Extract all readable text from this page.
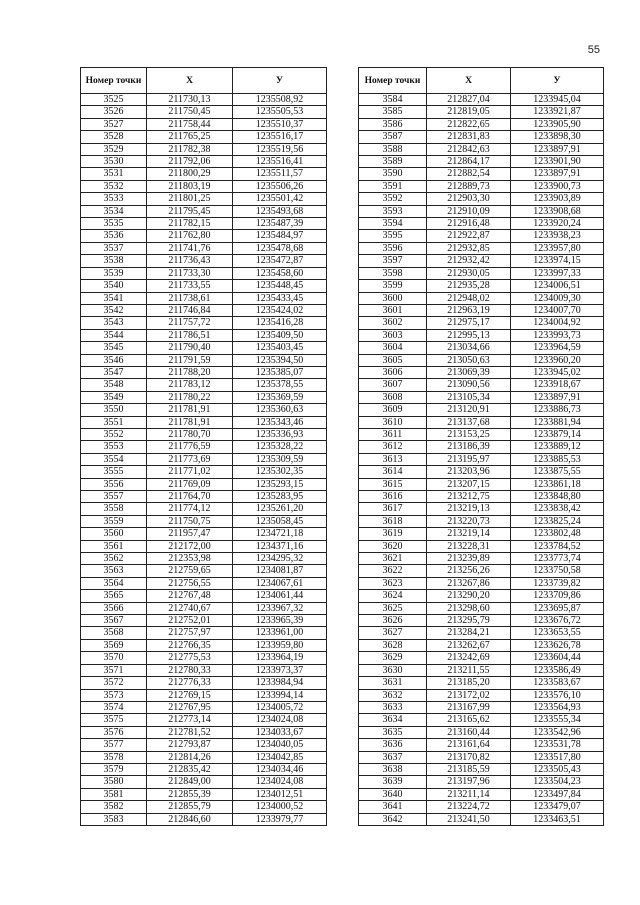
55
Номер точки	X	У
3525	211730,13	1235508,92
3526	211750,45	1235505,53
3527	211758,44	1235510,37
3528	211765,25	1235516,17
3529	211782,38	1235519,56
3530	211792,06	1235516,41
3531	211800,29	1235511,57
3532	211803,19	1235506,26
3533	211801,25	1235501,42
3534	211795,45	1235493,68
3535	211782,15	1235487,39
3536	211762,80	1235484,97
3537	211741,76	1235478,68
3538	211736,43	1235472,87
3539	211733,30	1235458,60
3540	211733,55	1235448,45
3541	211738,61	1235433,45
3542	211746,84	1235424,02
3543	211757,72	1235416,28
3544	211786,51	1235409,50
3545	211790,40	1235403,45
3546	211791,59	1235394,50
3547	211788,20	1235385,07
3548	211783,12	1235378,55
3549	211780,22	1235369,59
3550	211781,91	1235360,63
3551	211781,91	1235343,46
3552	211780,70	1235336,93
3553	211776,59	1235328,22
3554	211773,69	1235309,59
3555	211771,02	1235302,35
3556	211769,09	1235293,15
3557	211764,70	1235283,95
3558	211774,12	1235261,20
3559	211750,75	1235058,45
3560	211957,47	1234721,18
3561	212172,00	1234371,16
3562	212353,98	1234295,32
3563	212759,65	1234081,87
3564	212756,55	1234067,61
3565	212767,48	1234061,44
3566	212740,67	1233967,32
3567	212752,01	1233965,39
3568	212757,97	1233961,00
3569	212766,35	1233959,80
3570	212775,53	1233964,19
3571	212780,33	1233973,37
3572	212776,33	1233984,94
3573	212769,15	1233994,14
3574	212767,95	1234005,72
3575	212773,14	1234024,08
3576	212781,52	1234033,67
3577	212793,87	1234040,05
3578	212814,26	1234042,85
3579	212835,42	1234034,46
3580	212849,00	1234024,08
3581	212855,39	1234012,51
3582	212855,79	1234000,52
3583	212846,60	1233979,77
Номер точки	X	У
3584	212827,04	1233945,04
3585	212819,05	1233921,87
3586	212822,65	1233905,90
3587	212831,83	1233898,30
3588	212842,63	1233897,91
3589	212864,17	1233901,90
3590	212882,54	1233897,91
3591	212889,73	1233900,73
3592	212903,30	1233903,89
3593	212910,09	1233908,68
3594	212916,48	1233920,24
3595	212922,87	1233938,23
3596	212932,85	1233957,80
3597	212932,42	1233974,15
3598	212930,05	1233997,33
3599	212935,28	1234006,51
3600	212948,02	1234009,30
3601	212963,19	1234007,70
3602	212975,17	1234004,92
3603	212995,13	1233993,73
3604	213034,66	1233964,59
3605	213050,63	1233960,20
3606	213069,39	1233945,02
3607	213090,56	1233918,67
3608	213105,34	1233897,91
3609	213120,91	1233886,73
3610	213137,68	1233881,94
3611	213153,25	1233879,14
3612	213186,39	1233889,12
3613	213195,97	1233885,53
3614	213203,96	1233875,55
3615	213207,15	1233861,18
3616	213212,75	1233848,80
3617	213219,13	1233838,42
3618	213220,73	1233825,24
3619	213219,14	1233802,48
3620	213228,31	1233784,52
3621	213239,89	1233773,74
3622	213256,26	1233750,58
3623	213267,86	1233739,82
3624	213290,20	1233709,86
3625	213298,60	1233695,87
3626	213295,79	1233676,72
3627	213284,21	1233653,55
3628	213262,67	1233626,78
3629	213242,69	1233604,44
3630	213211,55	1233586,49
3631	213185,20	1233583,67
3632	213172,02	1233576,10
3633	213167,99	1233564,93
3634	213165,62	1233555,34
3635	213160,44	1233542,96
3636	213161,64	1233531,78
3637	213170,82	1233517,80
3638	213185,59	1233505,43
3639	213197,96	1233504,23
3640	213211,14	1233497,84
3641	213224,72	1233479,07
3642	213241,50	1233463,51
